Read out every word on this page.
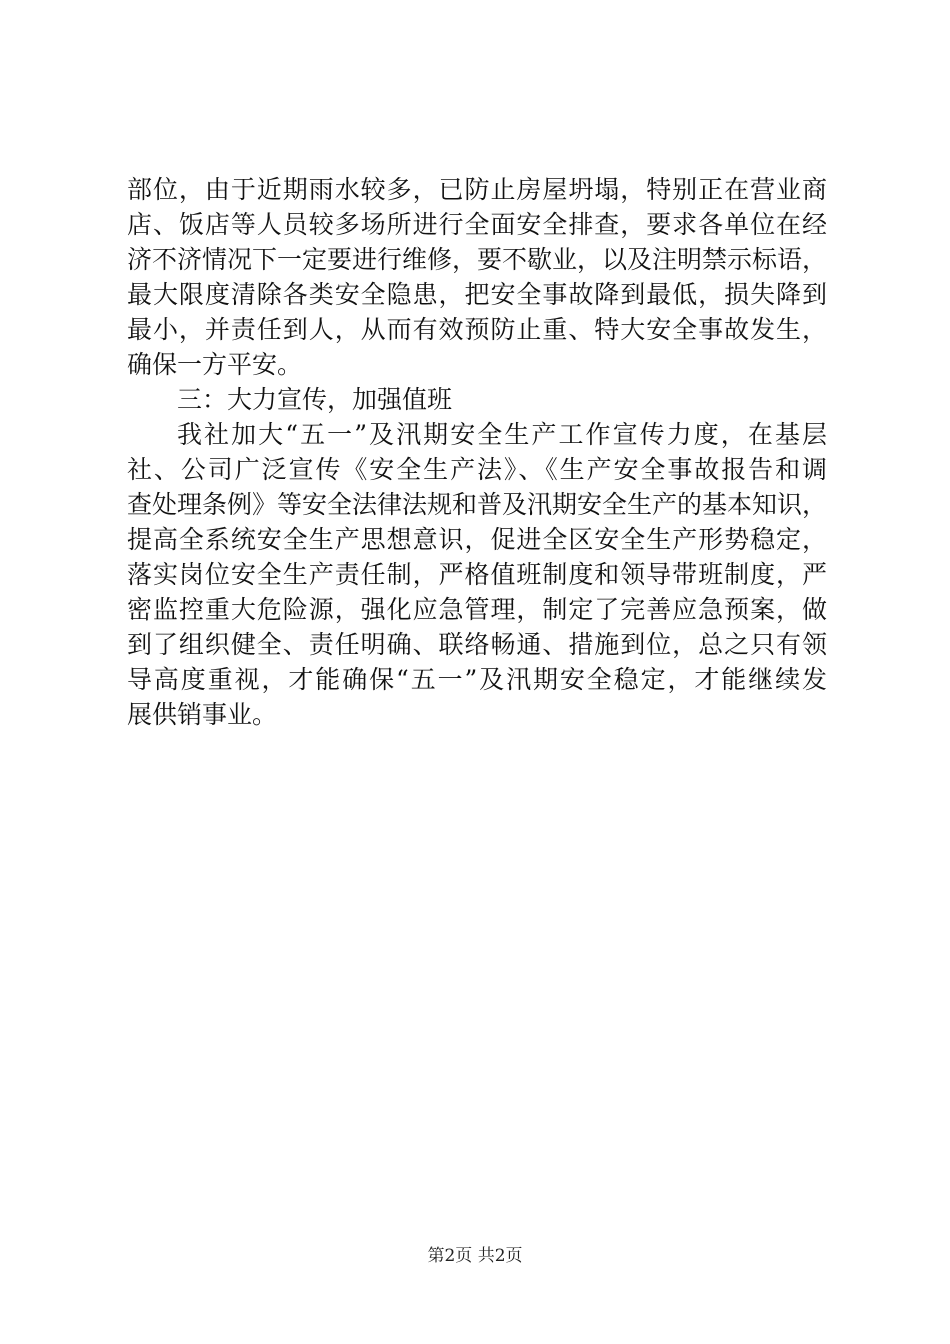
部位，由于近期雨水较多，已防止房屋坍塌，特别正在营业商
店、饭店等人员较多场所进行全面安全排查，要求各单位在经
济不济情况下一定要进行维修，要不歇业，以及注明禁示标语，
最大限度清除各类安全隐患，把安全事故降到最低，损失降到
最小，并责任到人，从而有效预防止重、特大安全事故发生，
确保一方平安。
三：大力宣传，加强值班
我社加大“五一”及汛期安全生产工作宣传力度，在基层
社、公司广泛宣传《安全生产法》、《生产安全事故报告和调
查处理条例》等安全法律法规和普及汛期安全生产的基本知识，
提高全系统安全生产思想意识，促进全区安全生产形势稳定，
落实岗位安全生产责任制，严格值班制度和领导带班制度，严
密监控重大危险源，强化应急管理，制定了完善应急预案，做
到了组织健全、责任明确、联络畅通、措施到位，总之只有领
导高度重视，才能确保“五一”及汛期安全稳定，才能继续发
展供销事业。
第2页 共2页
